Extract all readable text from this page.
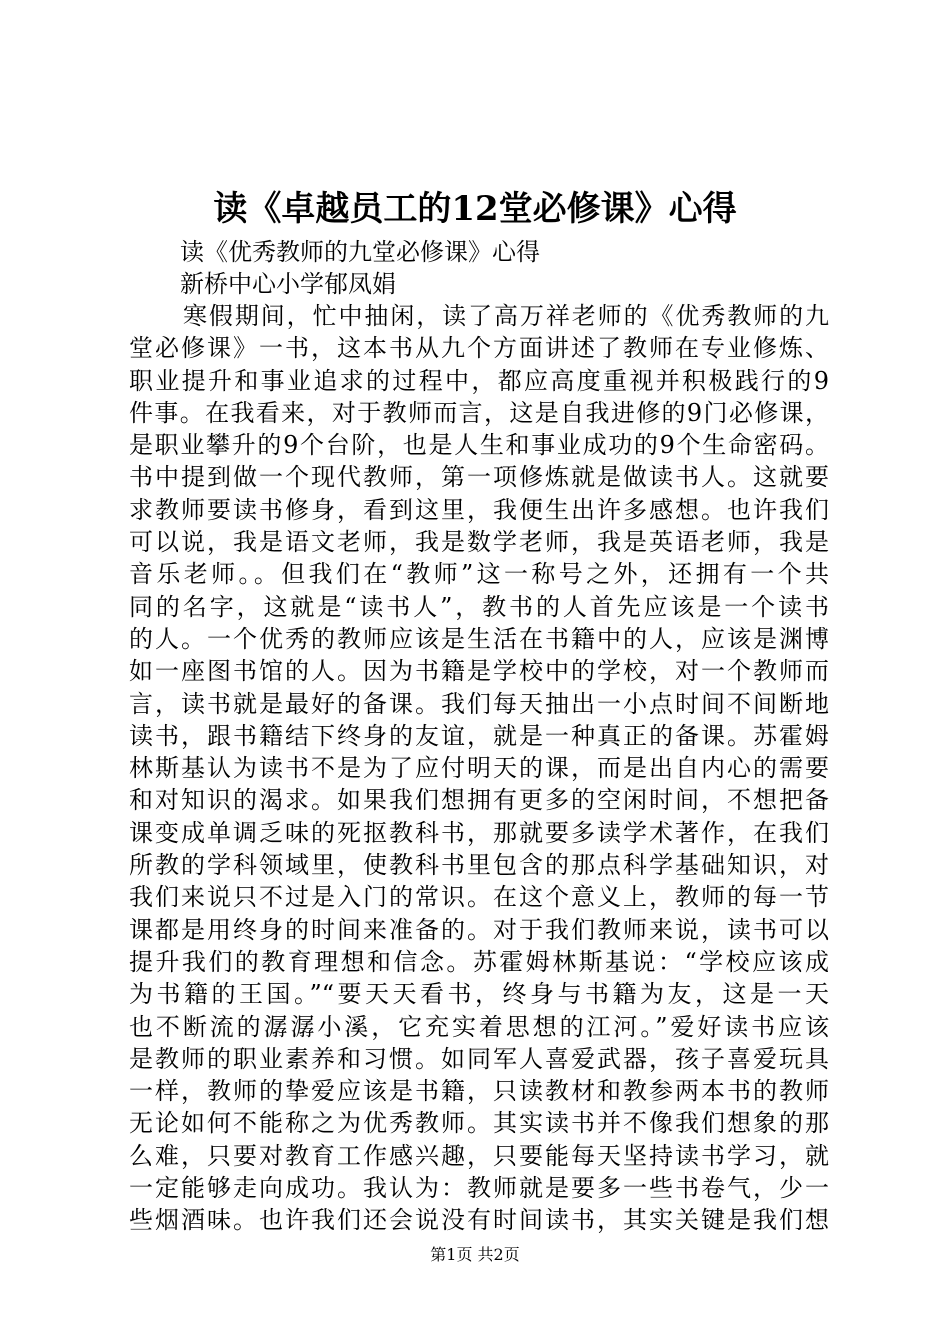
读《卓越员工的12堂必修课》心得
读《优秀教师的九堂必修课》心得
新桥中心小学郁凤娟
寒假期间，忙中抽闲，读了高万祥老师的《优秀教师的九
堂必修课》一书，这本书从九个方面讲述了教师在专业修炼、
职业提升和事业追求的过程中，都应高度重视并积极践行的9
件事。在我看来，对于教师而言，这是自我进修的9门必修课，
是职业攀升的9个台阶，也是人生和事业成功的9个生命密码。
书中提到做一个现代教师，第一项修炼就是做读书人。这就要
求教师要读书修身，看到这里，我便生出许多感想。也许我们
可以说，我是语文老师，我是数学老师，我是英语老师，我是
音乐老师。。但我们在“教师”这一称号之外，还拥有一个共
同的名字，这就是“读书人”，教书的人首先应该是一个读书
的人。一个优秀的教师应该是生活在书籍中的人，应该是渊博
如一座图书馆的人。因为书籍是学校中的学校，对一个教师而
言，读书就是最好的备课。我们每天抽出一小点时间不间断地
读书，跟书籍结下终身的友谊，就是一种真正的备课。苏霍姆
林斯基认为读书不是为了应付明天的课，而是出自内心的需要
和对知识的渴求。如果我们想拥有更多的空闲时间，不想把备
课变成单调乏味的死抠教科书，那就要多读学术著作，在我们
所教的学科领域里，使教科书里包含的那点科学基础知识，对
我们来说只不过是入门的常识。在这个意义上，教师的每一节
课都是用终身的时间来准备的。对于我们教师来说，读书可以
提升我们的教育理想和信念。苏霍姆林斯基说：“学校应该成
为书籍的王国。”“要天天看书，终身与书籍为友，这是一天
也不断流的潺潺小溪，它充实着思想的江河。”爱好读书应该
是教师的职业素养和习惯。如同军人喜爱武器，孩子喜爱玩具
一样，教师的挚爱应该是书籍，只读教材和教参两本书的教师
无论如何不能称之为优秀教师。其实读书并不像我们想象的那
么难，只要对教育工作感兴趣，只要能每天坚持读书学习，就
一定能够走向成功。我认为：教师就是要多一些书卷气，少一
些烟酒味。也许我们还会说没有时间读书，其实关键是我们想
第1页 共2页
